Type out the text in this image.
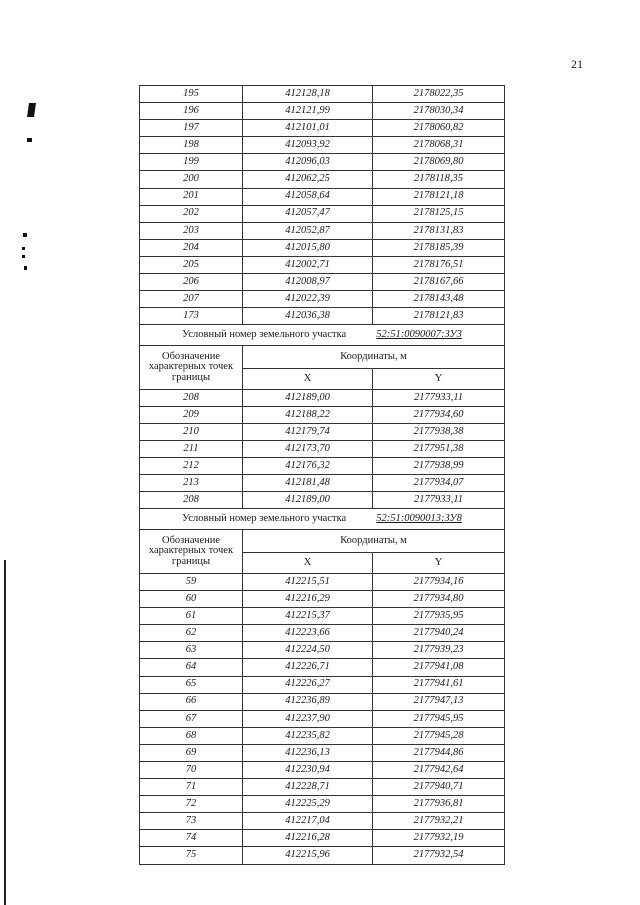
21
195	412128,18	2178022,35
196	412121,99	2178030,34
197	412101,01	2178060,82
198	412093,92	2178068,31
199	412096,03	2178069,80
200	412062,25	2178118,35
201	412058,64	2178121,18
202	412057,47	2178125,15
203	412052,87	2178131,83
204	412015,80	2178185,39
205	412002,71	2178176,51
206	412008,97	2178167,66
207	412022,39	2178143,48
173	412036,38	2178121,83
Условный номер земельного участка 52:51:0090007:ЗУ3		
Обозначение характерных точек границы	Координаты, м	
	X	Y
208	412189,00	2177933,11
209	412188,22	2177934,60
210	412179,74	2177938,38
211	412173,70	2177951,38
212	412176,32	2177938,99
213	412181,48	2177934,07
208	412189,00	2177933,11
Условный номер земельного участка 52:51:0090013:ЗУ8		
Обозначение характерных точек границы	Координаты, м	
	X	Y
59	412215,51	2177934,16
60	412216,29	2177934,80
61	412215,37	2177935,95
62	412223,66	2177940,24
63	412224,50	2177939,23
64	412226,71	2177941,08
65	412226,27	2177941,61
66	412236,89	2177947,13
67	412237,90	2177945,95
68	412235,82	2177945,28
69	412236,13	2177944,86
70	412230,94	2177942,64
71	412228,71	2177940,71
72	412225,29	2177936,81
73	412217,04	2177932,21
74	412216,28	2177932,19
75	412215,96	2177932,54
